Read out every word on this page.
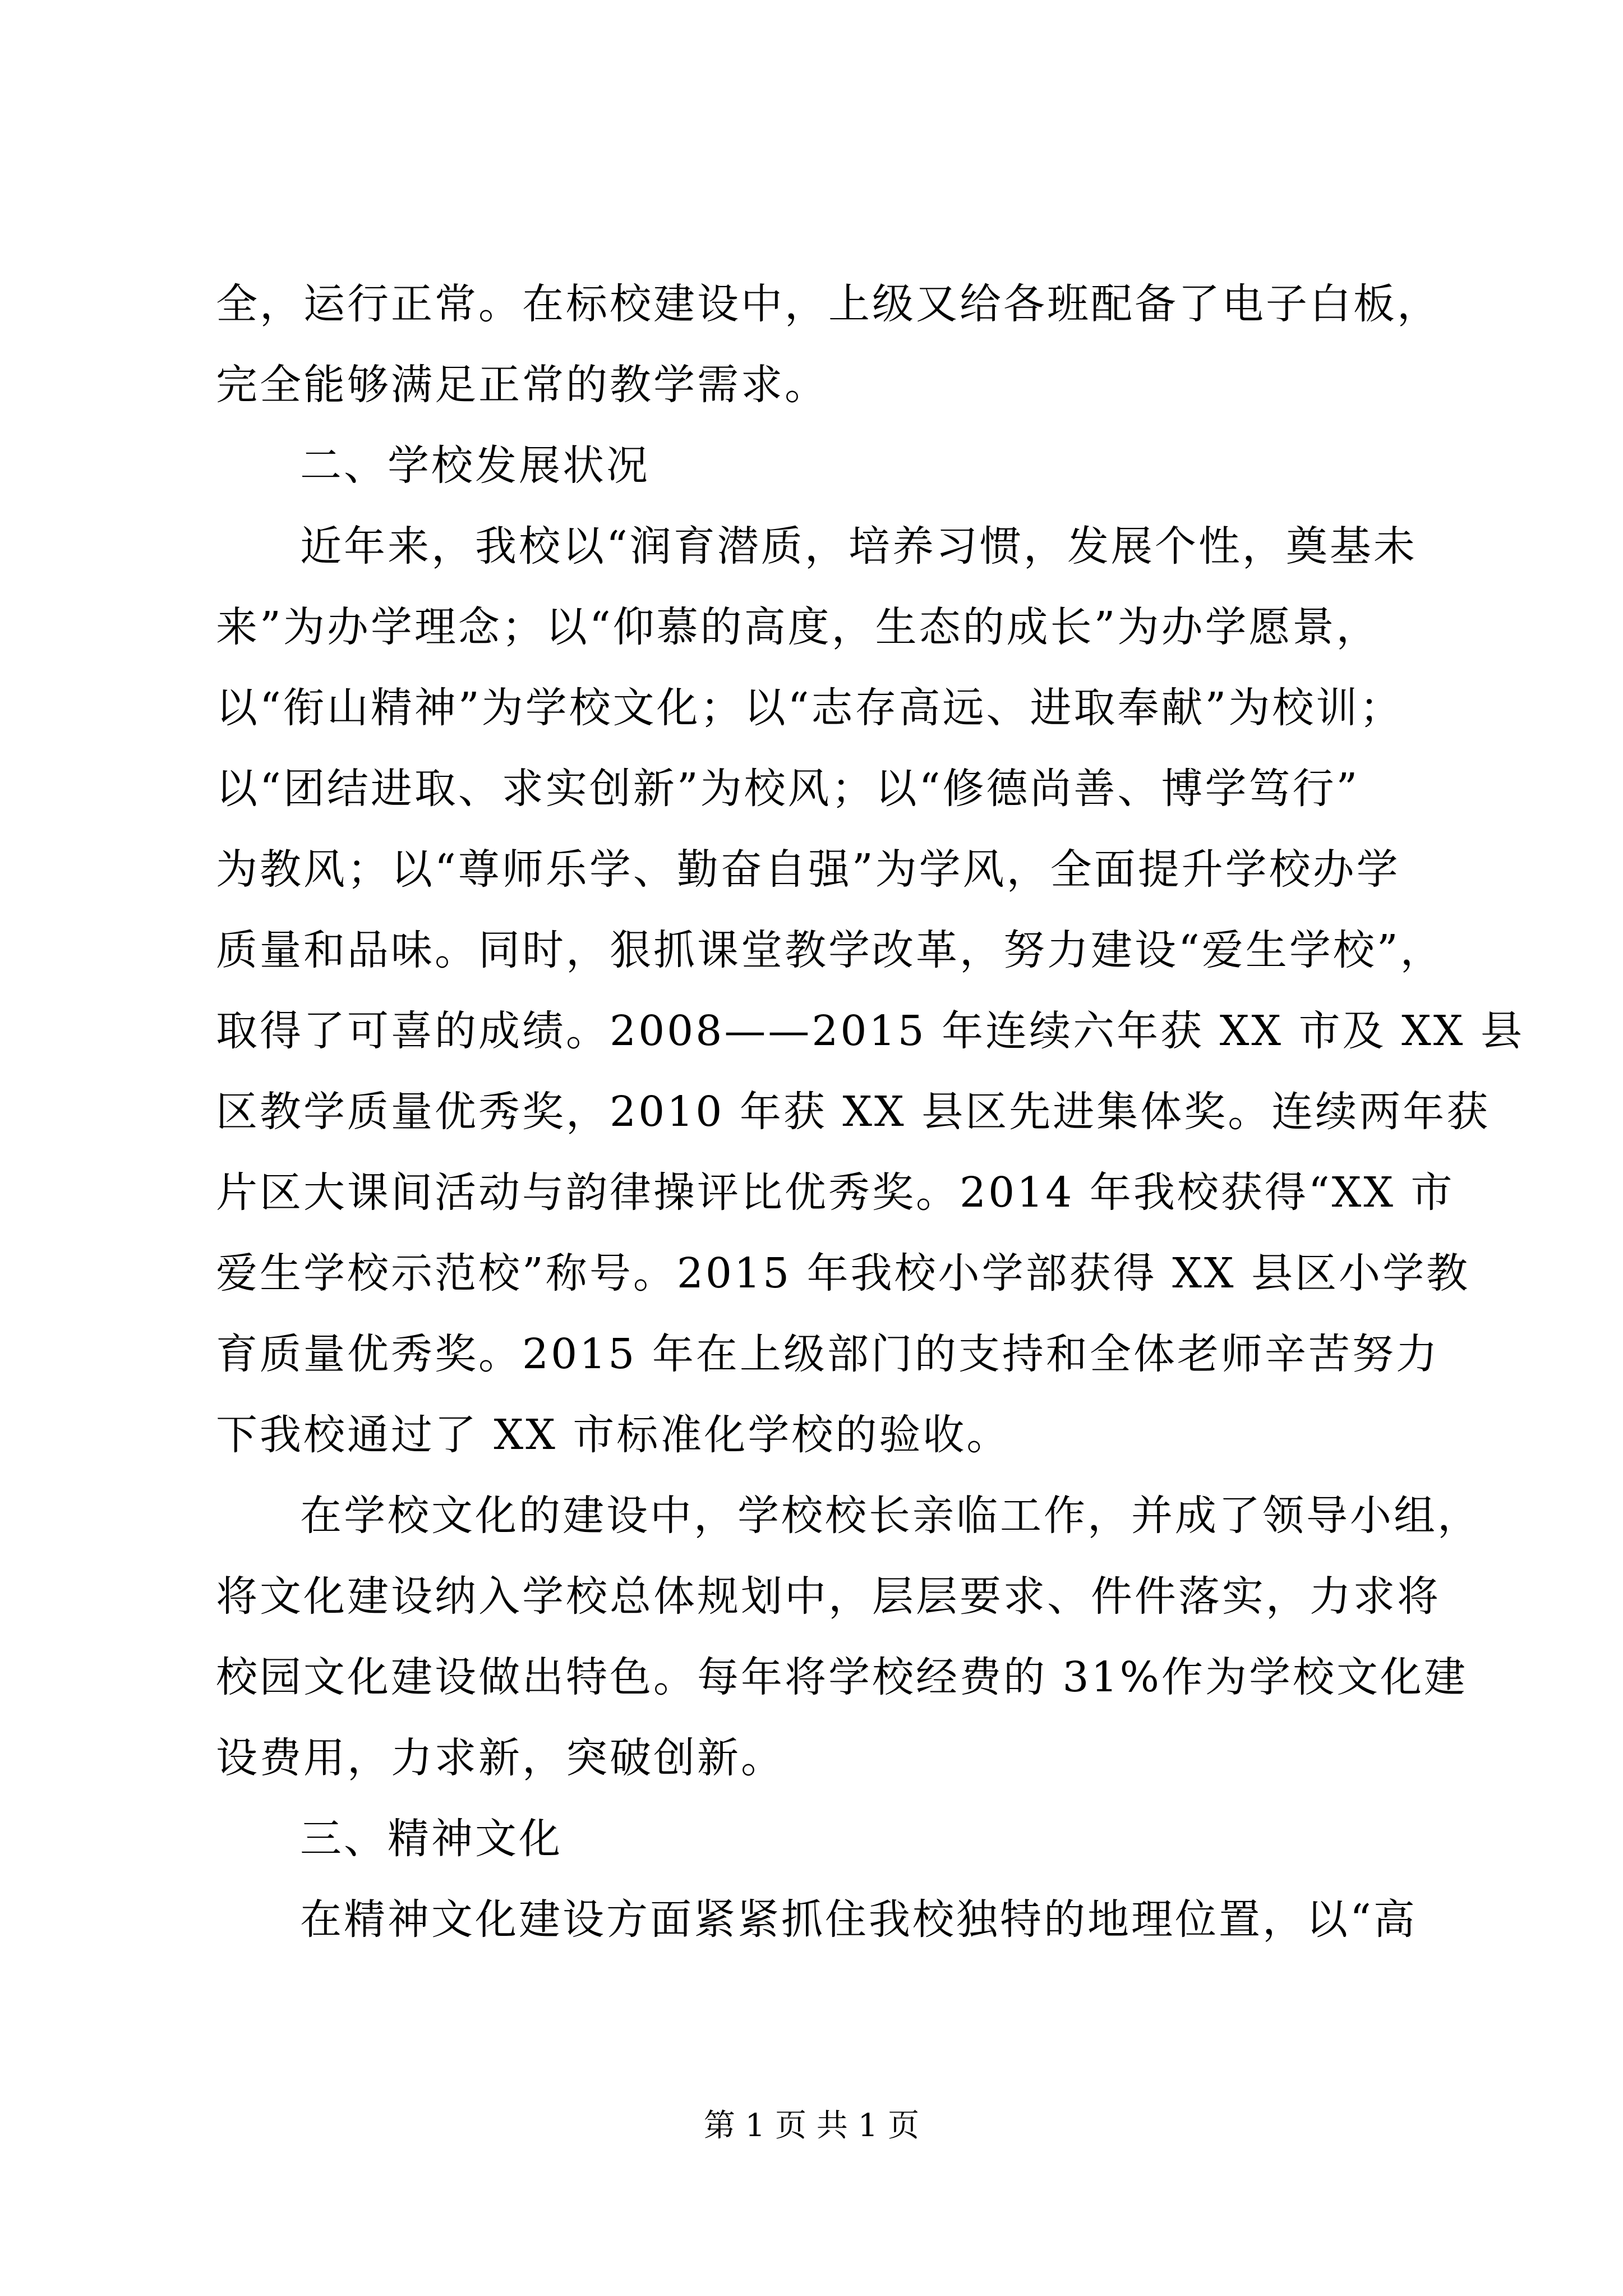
全，运行正常。在标校建设中，上级又给各班配备了电子白板，
完全能够满足正常的教学需求。
二、学校发展状况
近年来，我校以“润育潜质，培养习惯，发展个性，奠基未
来”为办学理念；以“仰慕的高度，生态的成长”为办学愿景，
以“衔山精神”为学校文化；以“志存高远、进取奉献”为校训；
以“团结进取、求实创新”为校风；以“修德尚善、博学笃行”
为教风；以“尊师乐学、勤奋自强”为学风，全面提升学校办学
质量和品味。同时，狠抓课堂教学改革，努力建设“爱生学校”，
取得了可喜的成绩。2008——2015 年连续六年获 XX 市及 XX 县
区教学质量优秀奖，2010 年获 XX 县区先进集体奖。连续两年获
片区大课间活动与韵律操评比优秀奖。2014 年我校获得“XX 市
爱生学校示范校”称号。2015 年我校小学部获得 XX 县区小学教
育质量优秀奖。2015 年在上级部门的支持和全体老师辛苦努力
下我校通过了 XX 市标准化学校的验收。
在学校文化的建设中，学校校长亲临工作，并成了领导小组，
将文化建设纳入学校总体规划中，层层要求、件件落实，力求将
校园文化建设做出特色。每年将学校经费的 31%作为学校文化建
设费用，力求新，突破创新。
三、精神文化
在精神文化建设方面紧紧抓住我校独特的地理位置，以“高
第 1 页 共 1 页
